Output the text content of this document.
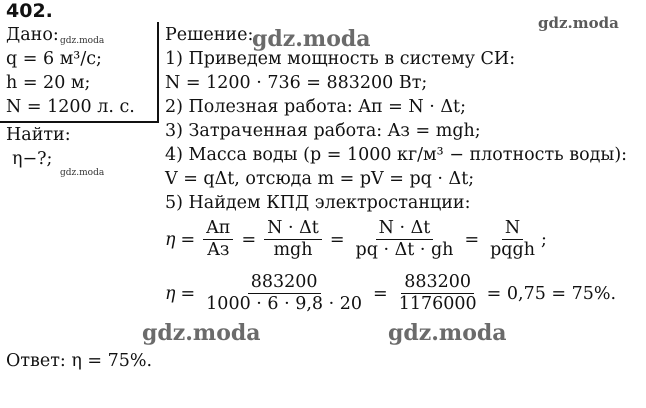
402.
Дано: gdz.moda
q = 6 м³/с;
h = 20 м;
N = 1200 л. с.
Найти:
η−?;
gdz.moda
Решение:
1) Приведем мощность в систему СИ:
N = 1200 · 736 = 883200 Вт;
2) Полезная работа: Aп = N · Δt;
3) Затраченная работа: Aз = mgh;
4) Масса воды (p = 1000 кг/м³ − плотность воды):
V = qΔt, отсюда m = pV = pq · Δt;
5) Найдем КПД электростанции:
$\eta = \frac{Aп}{Aз} = \frac{N \cdot \Delta t}{\text{mgh}} = \frac{N \cdot \Delta t}{pq \cdot \Delta t \cdot gh} = \frac{N}{\text{pqgh}}$ ;
$\eta = \frac{883200}{1000 \cdot 6 \cdot 9,8 \cdot 20} = \frac{883200}{1176000} = 0,75 = 75\%$.
Ответ: η = 75%.
gdz.moda
gdz.moda
gdz.moda	gdz.moda
